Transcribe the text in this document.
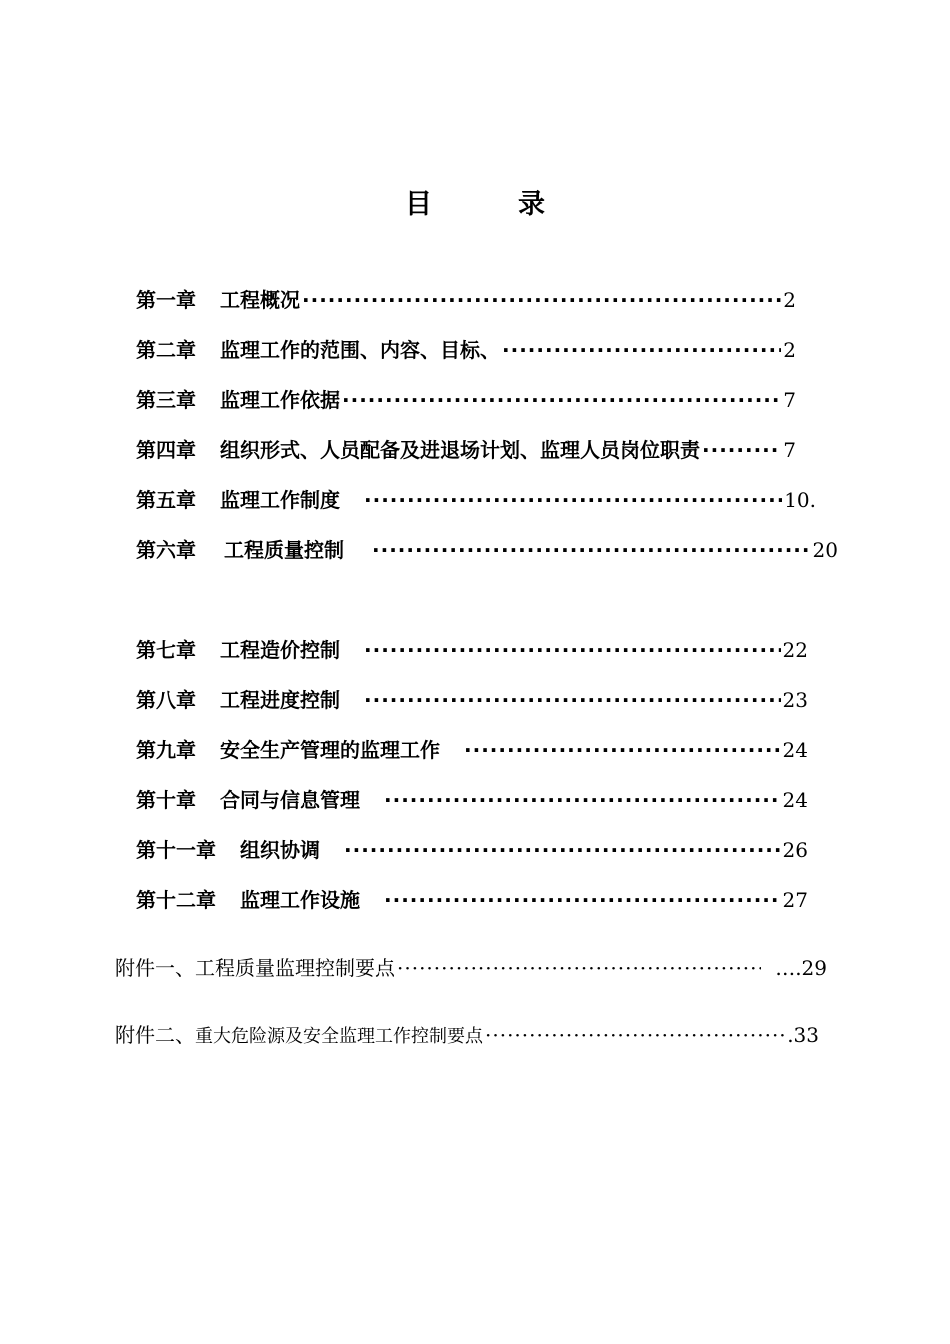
目	录
第一章 工程概况 ·····	2
第二章 监理工作的范围、内容、目标、 ·····	2
第三章 监理工作依据 ·····	7
第四章 组织形式、人员配备及进退场计划、监理人员岗位职责 ·····	7
第五章 监理工作制度 ·····	10.
第六章 工程质量控制 ·····	20
第七章 工程造价控制 ·····	22
第八章 工程进度控制 ·····	23
第九章 安全生产管理的监理工作 ·····	24
第十章 合同与信息管理 ·····	24
第十一章 组织协调 ·····	26
第十二章 监理工作设施 ·····	27
附件一、 工程质量监理控制要点 ·····	….29
附件二、 重大危险源及安全监理工作控制要点 ·····	.33
